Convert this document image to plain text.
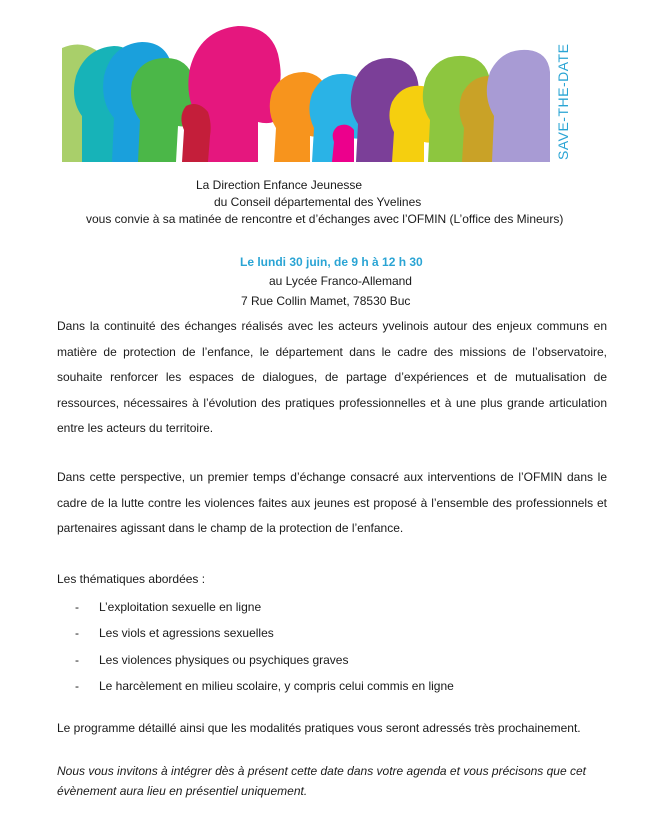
SAVE-THE-DATE
La Direction Enfance Jeunesse
du Conseil départemental des Yvelines
vous convie à sa matinée de rencontre et d’échanges avec l’OFMIN (L’office des Mineurs)
Le lundi 30 juin, de 9 h à 12 h 30
au Lycée Franco-Allemand
7 Rue Collin Mamet, 78530 Buc
Dans la continuité des échanges réalisés avec les acteurs yvelinois autour des enjeux communs en matière de protection de l’enfance, le département dans le cadre des missions de l’observatoire, souhaite renforcer les espaces de dialogues, de partage d’expériences et de mutualisation de ressources, nécessaires à l’évolution des pratiques professionnelles et à une plus grande articulation entre les acteurs du territoire.
Dans cette perspective, un premier temps d’échange consacré aux interventions de l’OFMIN dans le cadre de la lutte contre les violences faites aux jeunes est proposé à l’ensemble des professionnels et partenaires agissant dans le champ de la protection de l’enfance.
Les thématiques abordées :
- L’exploitation sexuelle en ligne
- Les viols et agressions sexuelles
- Les violences physiques ou psychiques graves
- Le harcèlement en milieu scolaire, y compris celui commis en ligne
Le programme détaillé ainsi que les modalités pratiques vous seront adressés très prochainement.
Nous vous invitons à intégrer dès à présent cette date dans votre agenda et vous précisons que cet évènement aura lieu en présentiel uniquement.
